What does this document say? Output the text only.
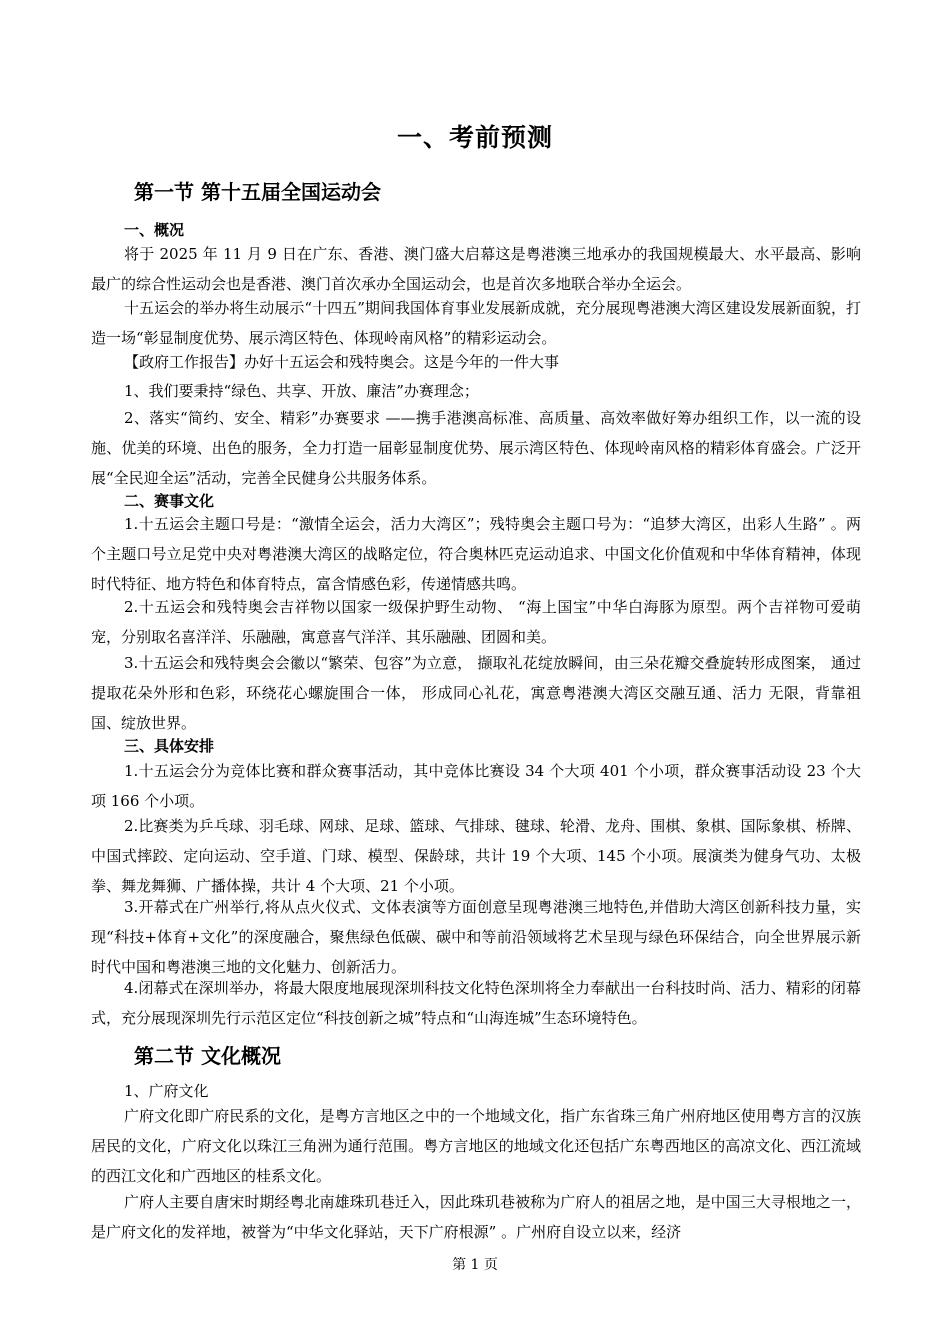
一、考前预测
第一节 第十五届全国运动会
一、概况

将于 2025 年 11 月 9 日在广东、香港、澳门盛大启幕这是粤港澳三地承办的我国规模最大、水平最高、影响最广的综合性运动会也是香港、澳门首次承办全国运动会，也是首次多地联合举办全运会。

十五运会的举办将生动展示“十四五”期间我国体育事业发展新成就，充分展现粤港澳大湾区建设发展新面貌，打造一场“彰显制度优势、展示湾区特色、体现岭南风格”的精彩运动会。

【政府工作报告】办好十五运会和残特奥会。这是今年的一件大事

1、我们要秉持“绿色、共享、开放、廉洁”办赛理念；

2、落实“简约、安全、精彩”办赛要求 ——携手港澳高标准、高质量、高效率做好筹办组织工作，以一流的设施、优美的环境、出色的服务，全力打造一届彰显制度优势、展示湾区特色、体现岭南风格的精彩体育盛会。广泛开展“全民迎全运”活动，完善全民健身公共服务体系。

二、赛事文化

1.十五运会主题口号是：“激情全运会，活力大湾区”；残特奥会主题口号为：“追梦大湾区，出彩人生路” 。两个主题口号立足党中央对粤港澳大湾区的战略定位，符合奥林匹克运动追求、中国文化价值观和中华体育精神，体现时代特征、地方特色和体育特点，富含情感色彩，传递情感共鸣。

2.十五运会和残特奥会吉祥物以国家一级保护野生动物、 “海上国宝”中华白海豚为原型。两个吉祥物可爱萌宠，分别取名喜洋洋、乐融融，寓意喜气洋洋、其乐融融、团圆和美。

3.十五运会和残特奥会会徽以“繁荣、包容”为立意， 撷取礼花绽放瞬间，由三朵花瓣交叠旋转形成图案， 通过提取花朵外形和色彩，环绕花心螺旋围合一体， 形成同心礼花，寓意粤港澳大湾区交融互通、活力 无限，背靠祖国、绽放世界。

三、具体安排

1.十五运会分为竞体比赛和群众赛事活动，其中竞体比赛设 34 个大项 401 个小项，群众赛事活动设 23 个大项 166 个小项。

2.比赛类为乒乓球、羽毛球、网球、足球、篮球、气排球、毽球、轮滑、龙舟、围棋、象棋、国际象棋、桥牌、中国式摔跤、定向运动、空手道、门球、模型、保龄球，共计 19 个大项、145 个小项。展演类为健身气功、太极拳、舞龙舞狮、广播体操，共计 4 个大项、21 个小项。

3.开幕式在广州举行,将从点火仪式、文体表演等方面创意呈现粤港澳三地特色,并借助大湾区创新科技力量，实现“科技+体育+文化”的深度融合，聚焦绿色低碳、碳中和等前沿领域将艺术呈现与绿色环保结合，向全世界展示新时代中国和粤港澳三地的文化魅力、创新活力。

4.闭幕式在深圳举办，将最大限度地展现深圳科技文化特色深圳将全力奉献出一台科技时尚、活力、精彩的闭幕式，充分展现深圳先行示范区定位“科技创新之城”特点和“山海连城”生态环境特色。

第二节 文化概况

1、广府文化

广府文化即广府民系的文化，是粤方言地区之中的一个地域文化，指广东省珠三角广州府地区使用粤方言的汉族居民的文化，广府文化以珠江三角洲为通行范围。粤方言地区的地域文化还包括广东粤西地区的高凉文化、西江流域的西江文化和广西地区的桂系文化。

广府人主要自唐宋时期经粤北南雄珠玑巷迁入，因此珠玑巷被称为广府人的祖居之地，是中国三大寻根地之一，是广府文化的发祥地，被誉为“中华文化驿站，天下广府根源” 。广州府自设立以来，经济

第 1 页
